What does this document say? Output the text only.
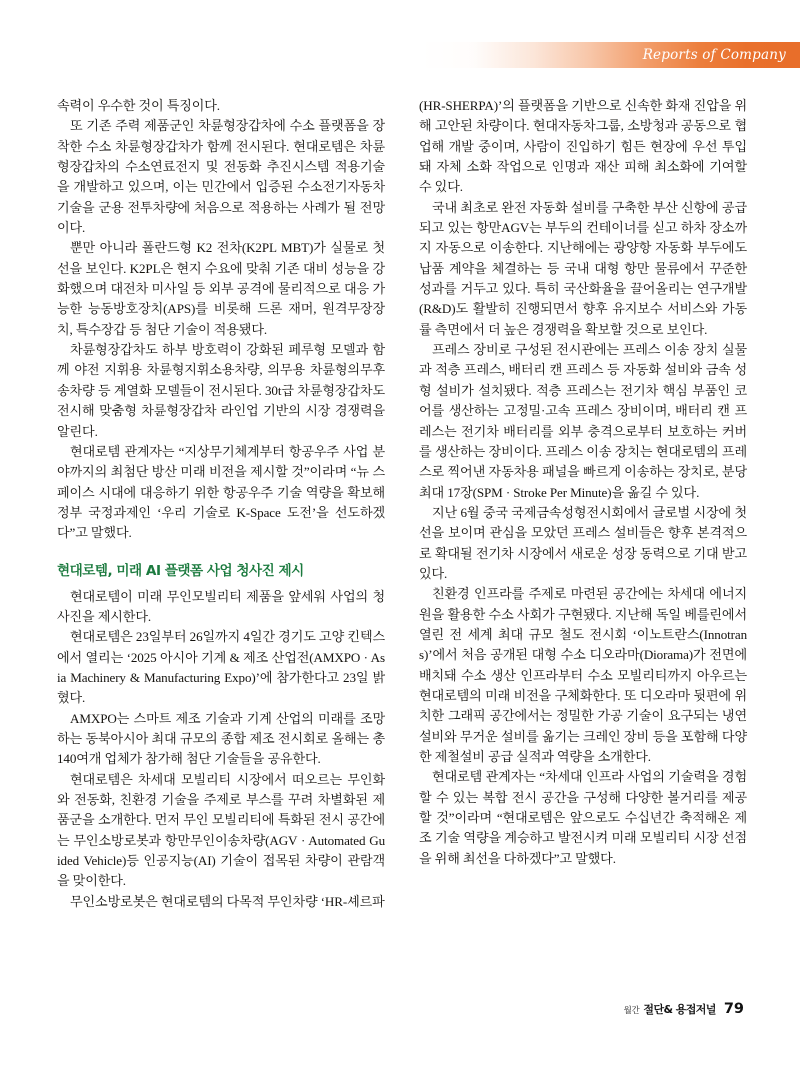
Reports of Company

속력이 우수한 것이 특징이다.

또 기존 주력 제품군인 차륜형장갑차에 수소 플랫폼을 장착한 수소 차륜형장갑차가 함께 전시된다. 현대로템은 차륜형장갑차의 수소연료전지 및 전동화 추진시스템 적용기술을 개발하고 있으며, 이는 민간에서 입증된 수소전기자동차기술을 군용 전투차량에 처음으로 적용하는 사례가 될 전망이다.

뿐만 아니라 폴란드형 K2 전차(K2PL MBT)가 실물로 첫 선을 보인다. K2PL은 현지 수요에 맞춰 기존 대비 성능을 강화했으며 대전차 미사일 등 외부 공격에 물리적으로 대응 가능한 능동방호장치(APS)를 비롯해 드론 재머, 원격무장장치, 특수장갑 등 첨단 기술이 적용됐다.

차륜형장갑차도 하부 방호력이 강화된 페루형 모델과 함께 야전 지휘용 차륜형지휘소용차량, 의무용 차륜형의무후송차량 등 계열화 모델들이 전시된다. 30t급 차륜형장갑차도 전시해 맞춤형 차륜형장갑차 라인업 기반의 시장 경쟁력을 알린다.

현대로템 관계자는 “지상무기체계부터 항공우주 사업 분야까지의 최첨단 방산 미래 비전을 제시할 것”이라며 “뉴 스페이스 시대에 대응하기 위한 항공우주 기술 역량을 확보해 정부 국정과제인 ‘우리 기술로 K-Space 도전’을 선도하겠다”고 말했다.

현대로템, 미래 AI 플랫폼 사업 청사진 제시

현대로템이 미래 무인모빌리티 제품을 앞세워 사업의 청사진을 제시한다.

현대로템은 23일부터 26일까지 4일간 경기도 고양 킨텍스에서 열리는 ‘2025 아시아 기계 & 제조 산업전(AMXPO · Asia Machinery & Manufacturing Expo)’에 참가한다고 23일 밝혔다.

AMXPO는 스마트 제조 기술과 기계 산업의 미래를 조망하는 동북아시아 최대 규모의 종합 제조 전시회로 올해는 총 140여개 업체가 참가해 첨단 기술들을 공유한다.

현대로템은 차세대 모빌리티 시장에서 떠오르는 무인화와 전동화, 친환경 기술을 주제로 부스를 꾸려 차별화된 제품군을 소개한다. 먼저 무인 모빌리티에 특화된 전시 공간에는 무인소방로봇과 항만무인이송차량(AGV · Automated Guided Vehicle)등 인공지능(AI) 기술이 접목된 차량이 관람객을 맞이한다.

무인소방로봇은 현대로템의 다목적 무인차량 ‘HR-셰르파

(HR-SHERPA)’의 플랫폼을 기반으로 신속한 화재 진압을 위해 고안된 차량이다. 현대자동차그룹, 소방청과 공동으로 협업해 개발 중이며, 사람이 진입하기 힘든 현장에 우선 투입돼 자체 소화 작업으로 인명과 재산 피해 최소화에 기여할 수 있다.

국내 최초로 완전 자동화 설비를 구축한 부산 신항에 공급되고 있는 항만AGV는 부두의 컨테이너를 싣고 하차 장소까지 자동으로 이송한다. 지난해에는 광양항 자동화 부두에도 납품 계약을 체결하는 등 국내 대형 항만 물류에서 꾸준한 성과를 거두고 있다. 특히 국산화율을 끌어올리는 연구개발(R&D)도 활발히 진행되면서 향후 유지보수 서비스와 가동률 측면에서 더 높은 경쟁력을 확보할 것으로 보인다.

프레스 장비로 구성된 전시관에는 프레스 이송 장치 실물과 적층 프레스, 배터리 캔 프레스 등 자동화 설비와 금속 성형 설비가 설치됐다. 적층 프레스는 전기차 핵심 부품인 코어를 생산하는 고정밀·고속 프레스 장비이며, 배터리 캔 프레스는 전기차 배터리를 외부 충격으로부터 보호하는 커버를 생산하는 장비이다. 프레스 이송 장치는 현대로템의 프레스로 찍어낸 자동차용 패널을 빠르게 이송하는 장치로, 분당 최대 17장(SPM · Stroke Per Minute)을 옮길 수 있다.

지난 6월 중국 국제금속성형전시회에서 글로벌 시장에 첫 선을 보이며 관심을 모았던 프레스 설비들은 향후 본격적으로 확대될 전기차 시장에서 새로운 성장 동력으로 기대 받고 있다.

친환경 인프라를 주제로 마련된 공간에는 차세대 에너지원을 활용한 수소 사회가 구현됐다. 지난해 독일 베를린에서 열린 전 세계 최대 규모 철도 전시회 ‘이노트란스(Innotrans)’에서 처음 공개된 대형 수소 디오라마(Diorama)가 전면에 배치돼 수소 생산 인프라부터 수소 모빌리티까지 아우르는 현대로템의 미래 비전을 구체화한다. 또 디오라마 뒷편에 위치한 그래픽 공간에서는 정밀한 가공 기술이 요구되는 냉연설비와 무거운 설비를 옮기는 크레인 장비 등을 포함해 다양한 제철설비 공급 실적과 역량을 소개한다.

현대로템 관계자는 “차세대 인프라 사업의 기술력을 경험할 수 있는 복합 전시 공간을 구성해 다양한 볼거리를 제공할 것”이라며 “현대로템은 앞으로도 수십년간 축적해온 제조 기술 역량을 계승하고 발전시켜 미래 모빌리티 시장 선점을 위해 최선을 다하겠다”고 말했다.

월간 절단& 용접저널 79
